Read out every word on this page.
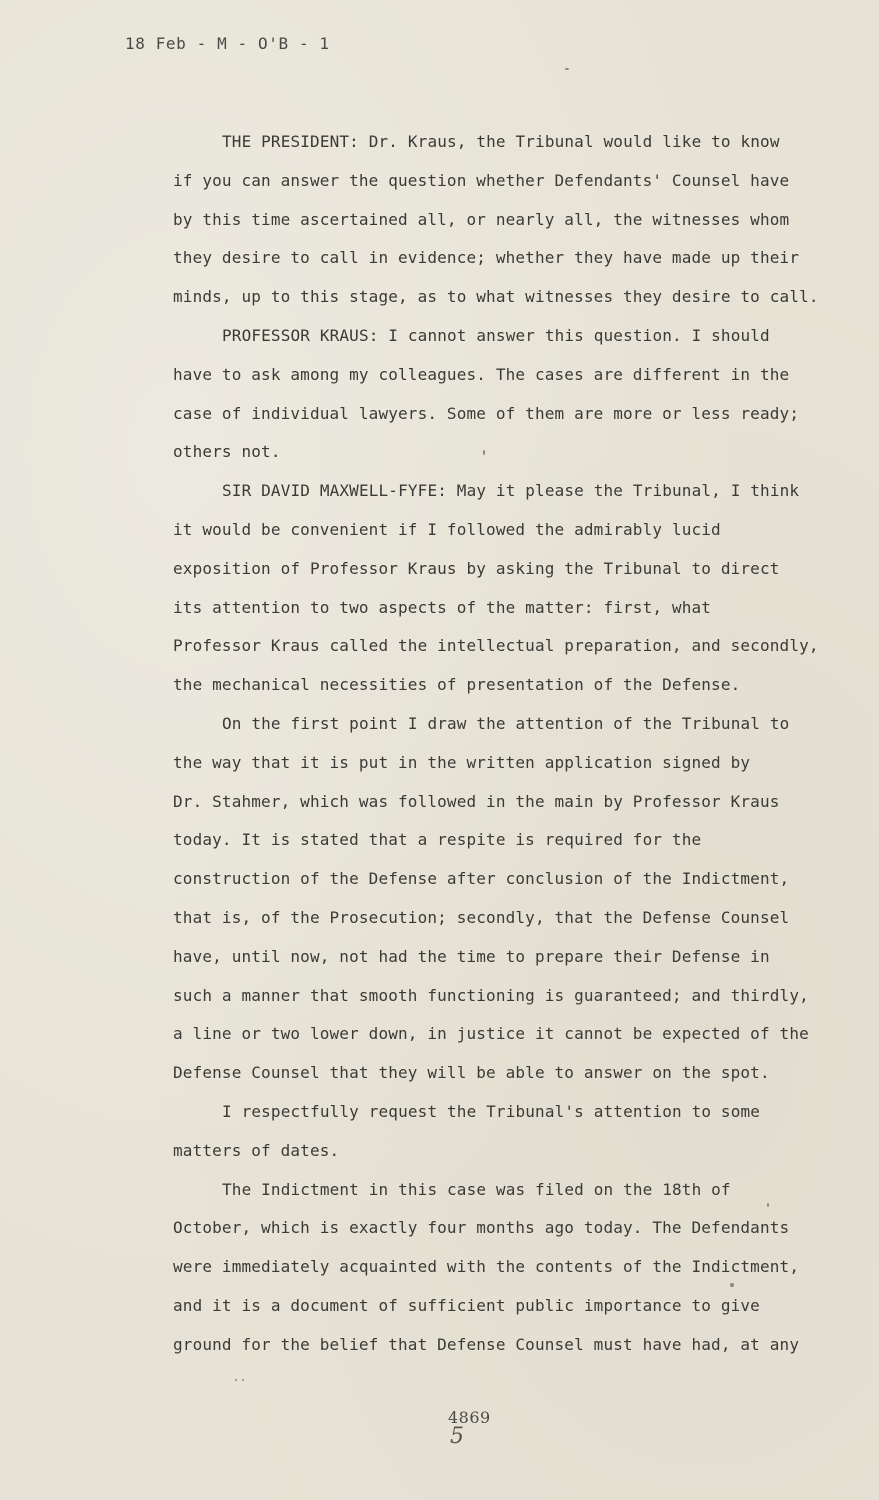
18 Feb - M - O'B - 1
THE PRESIDENT: Dr. Kraus, the Tribunal would like to know
if you can answer the question whether Defendants' Counsel have
by this time ascertained all, or nearly all, the witnesses whom
they desire to call in evidence; whether they have made up their
minds, up to this stage, as to what witnesses they desire to call.
PROFESSOR KRAUS: I cannot answer this question. I should
have to ask among my colleagues. The cases are different in the
case of individual lawyers. Some of them are more or less ready;
others not.
SIR DAVID MAXWELL-FYFE: May it please the Tribunal, I think
it would be convenient if I followed the admirably lucid
exposition of Professor Kraus by asking the Tribunal to direct
its attention to two aspects of the matter: first, what
Professor Kraus called the intellectual preparation, and secondly,
the mechanical necessities of presentation of the Defense.
On the first point I draw the attention of the Tribunal to
the way that it is put in the written application signed by
Dr. Stahmer, which was followed in the main by Professor Kraus
today. It is stated that a respite is required for the
construction of the Defense after conclusion of the Indictment,
that is, of the Prosecution; secondly, that the Defense Counsel
have, until now, not had the time to prepare their Defense in
such a manner that smooth functioning is guaranteed; and thirdly,
a line or two lower down, in justice it cannot be expected of the
Defense Counsel that they will be able to answer on the spot.
I respectfully request the Tribunal's attention to some
matters of dates.
The Indictment in this case was filed on the 18th of
October, which is exactly four months ago today. The Defendants
were immediately acquainted with the contents of the Indictment,
and it is a document of sufficient public importance to give
ground for the belief that Defense Counsel must have had, at any
4869
5
